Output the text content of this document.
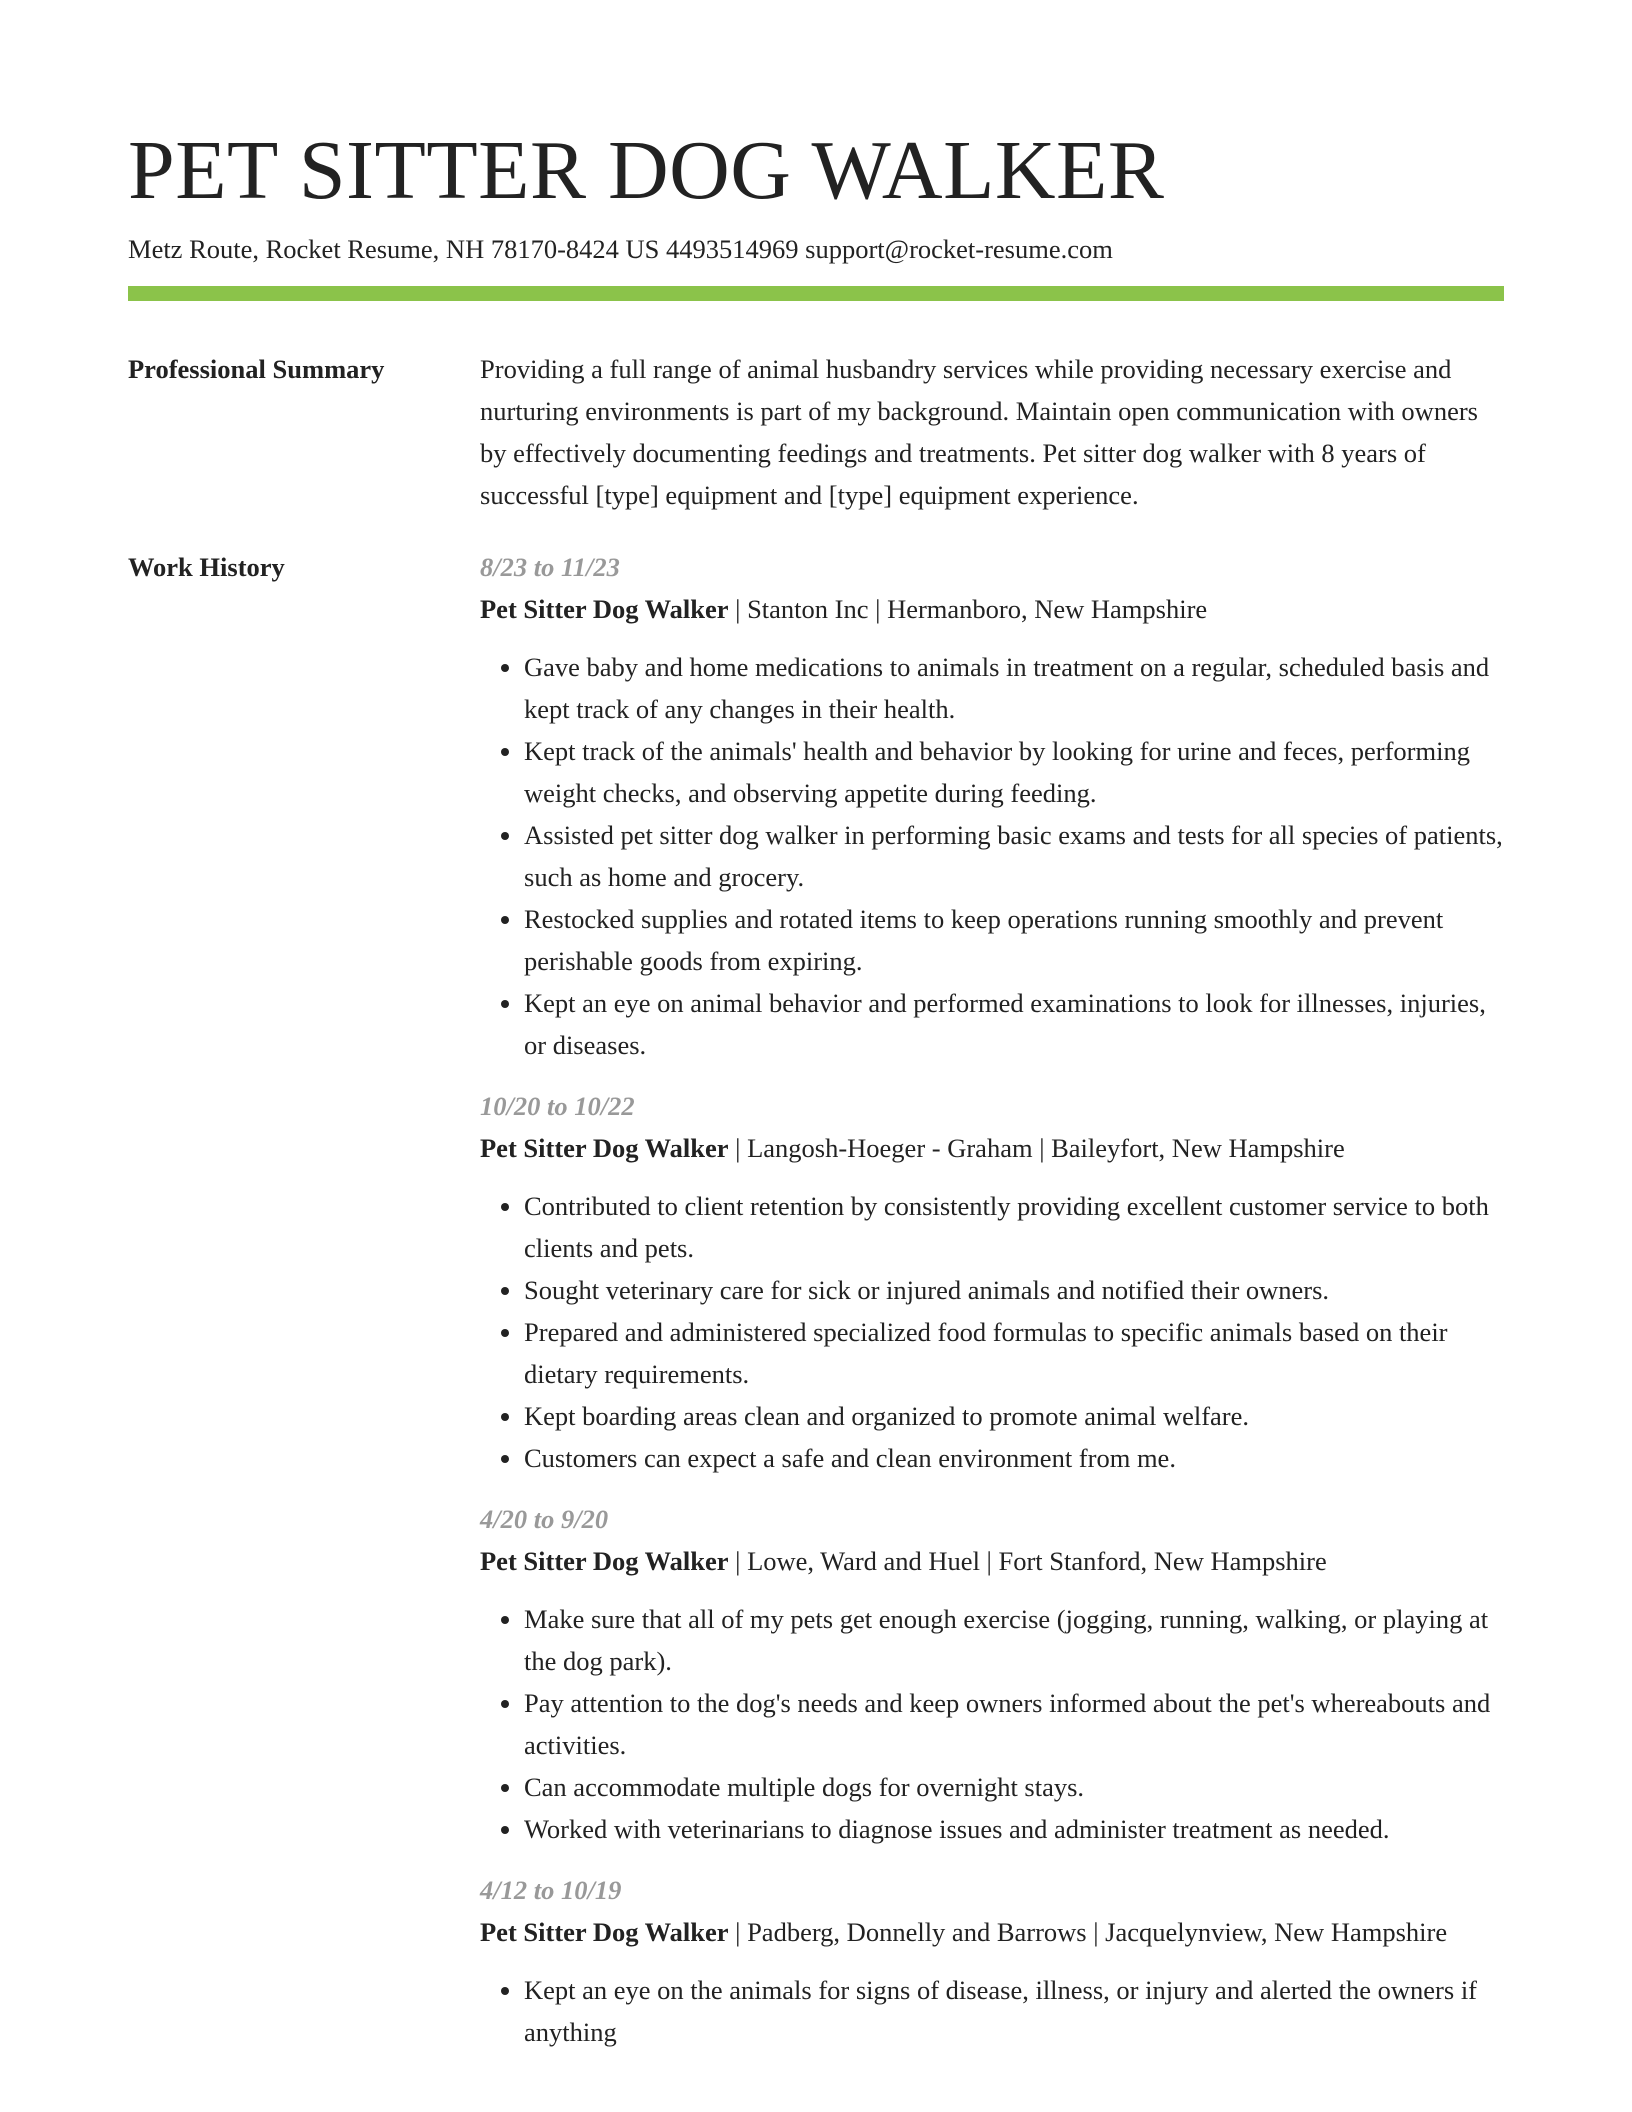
PET SITTER DOG WALKER
Metz Route, Rocket Resume, NH 78170-8424 US 4493514969 support@rocket-resume.com
Professional Summary	Providing a full range of animal husbandry services while providing necessary exercise and nurturing environments is part of my background. Maintain open communication with owners by effectively documenting feedings and treatments. Pet sitter dog walker with 8 years of successful [type] equipment and [type] equipment experience.

Work History	8/23 to 11/23
Pet Sitter Dog Walker | Stanton Inc | Hermanboro, New Hampshire
• Gave baby and home medications to animals in treatment on a regular, scheduled basis and kept track of any changes in their health.
• Kept track of the animals' health and behavior by looking for urine and feces, performing weight checks, and observing appetite during feeding.
• Assisted pet sitter dog walker in performing basic exams and tests for all species of patients, such as home and grocery.
• Restocked supplies and rotated items to keep operations running smoothly and prevent perishable goods from expiring.
• Kept an eye on animal behavior and performed examinations to look for illnesses, injuries, or diseases.
10/20 to 10/22
Pet Sitter Dog Walker | Langosh-Hoeger - Graham | Baileyfort, New Hampshire
• Contributed to client retention by consistently providing excellent customer service to both clients and pets.
• Sought veterinary care for sick or injured animals and notified their owners.
• Prepared and administered specialized food formulas to specific animals based on their dietary requirements.
• Kept boarding areas clean and organized to promote animal welfare.
• Customers can expect a safe and clean environment from me.
4/20 to 9/20
Pet Sitter Dog Walker | Lowe, Ward and Huel | Fort Stanford, New Hampshire
• Make sure that all of my pets get enough exercise (jogging, running, walking, or playing at the dog park).
• Pay attention to the dog's needs and keep owners informed about the pet's whereabouts and activities.
• Can accommodate multiple dogs for overnight stays.
• Worked with veterinarians to diagnose issues and administer treatment as needed.
4/12 to 10/19
Pet Sitter Dog Walker | Padberg, Donnelly and Barrows | Jacquelynview, New Hampshire
• Kept an eye on the animals for signs of disease, illness, or injury and alerted the owners if anything
